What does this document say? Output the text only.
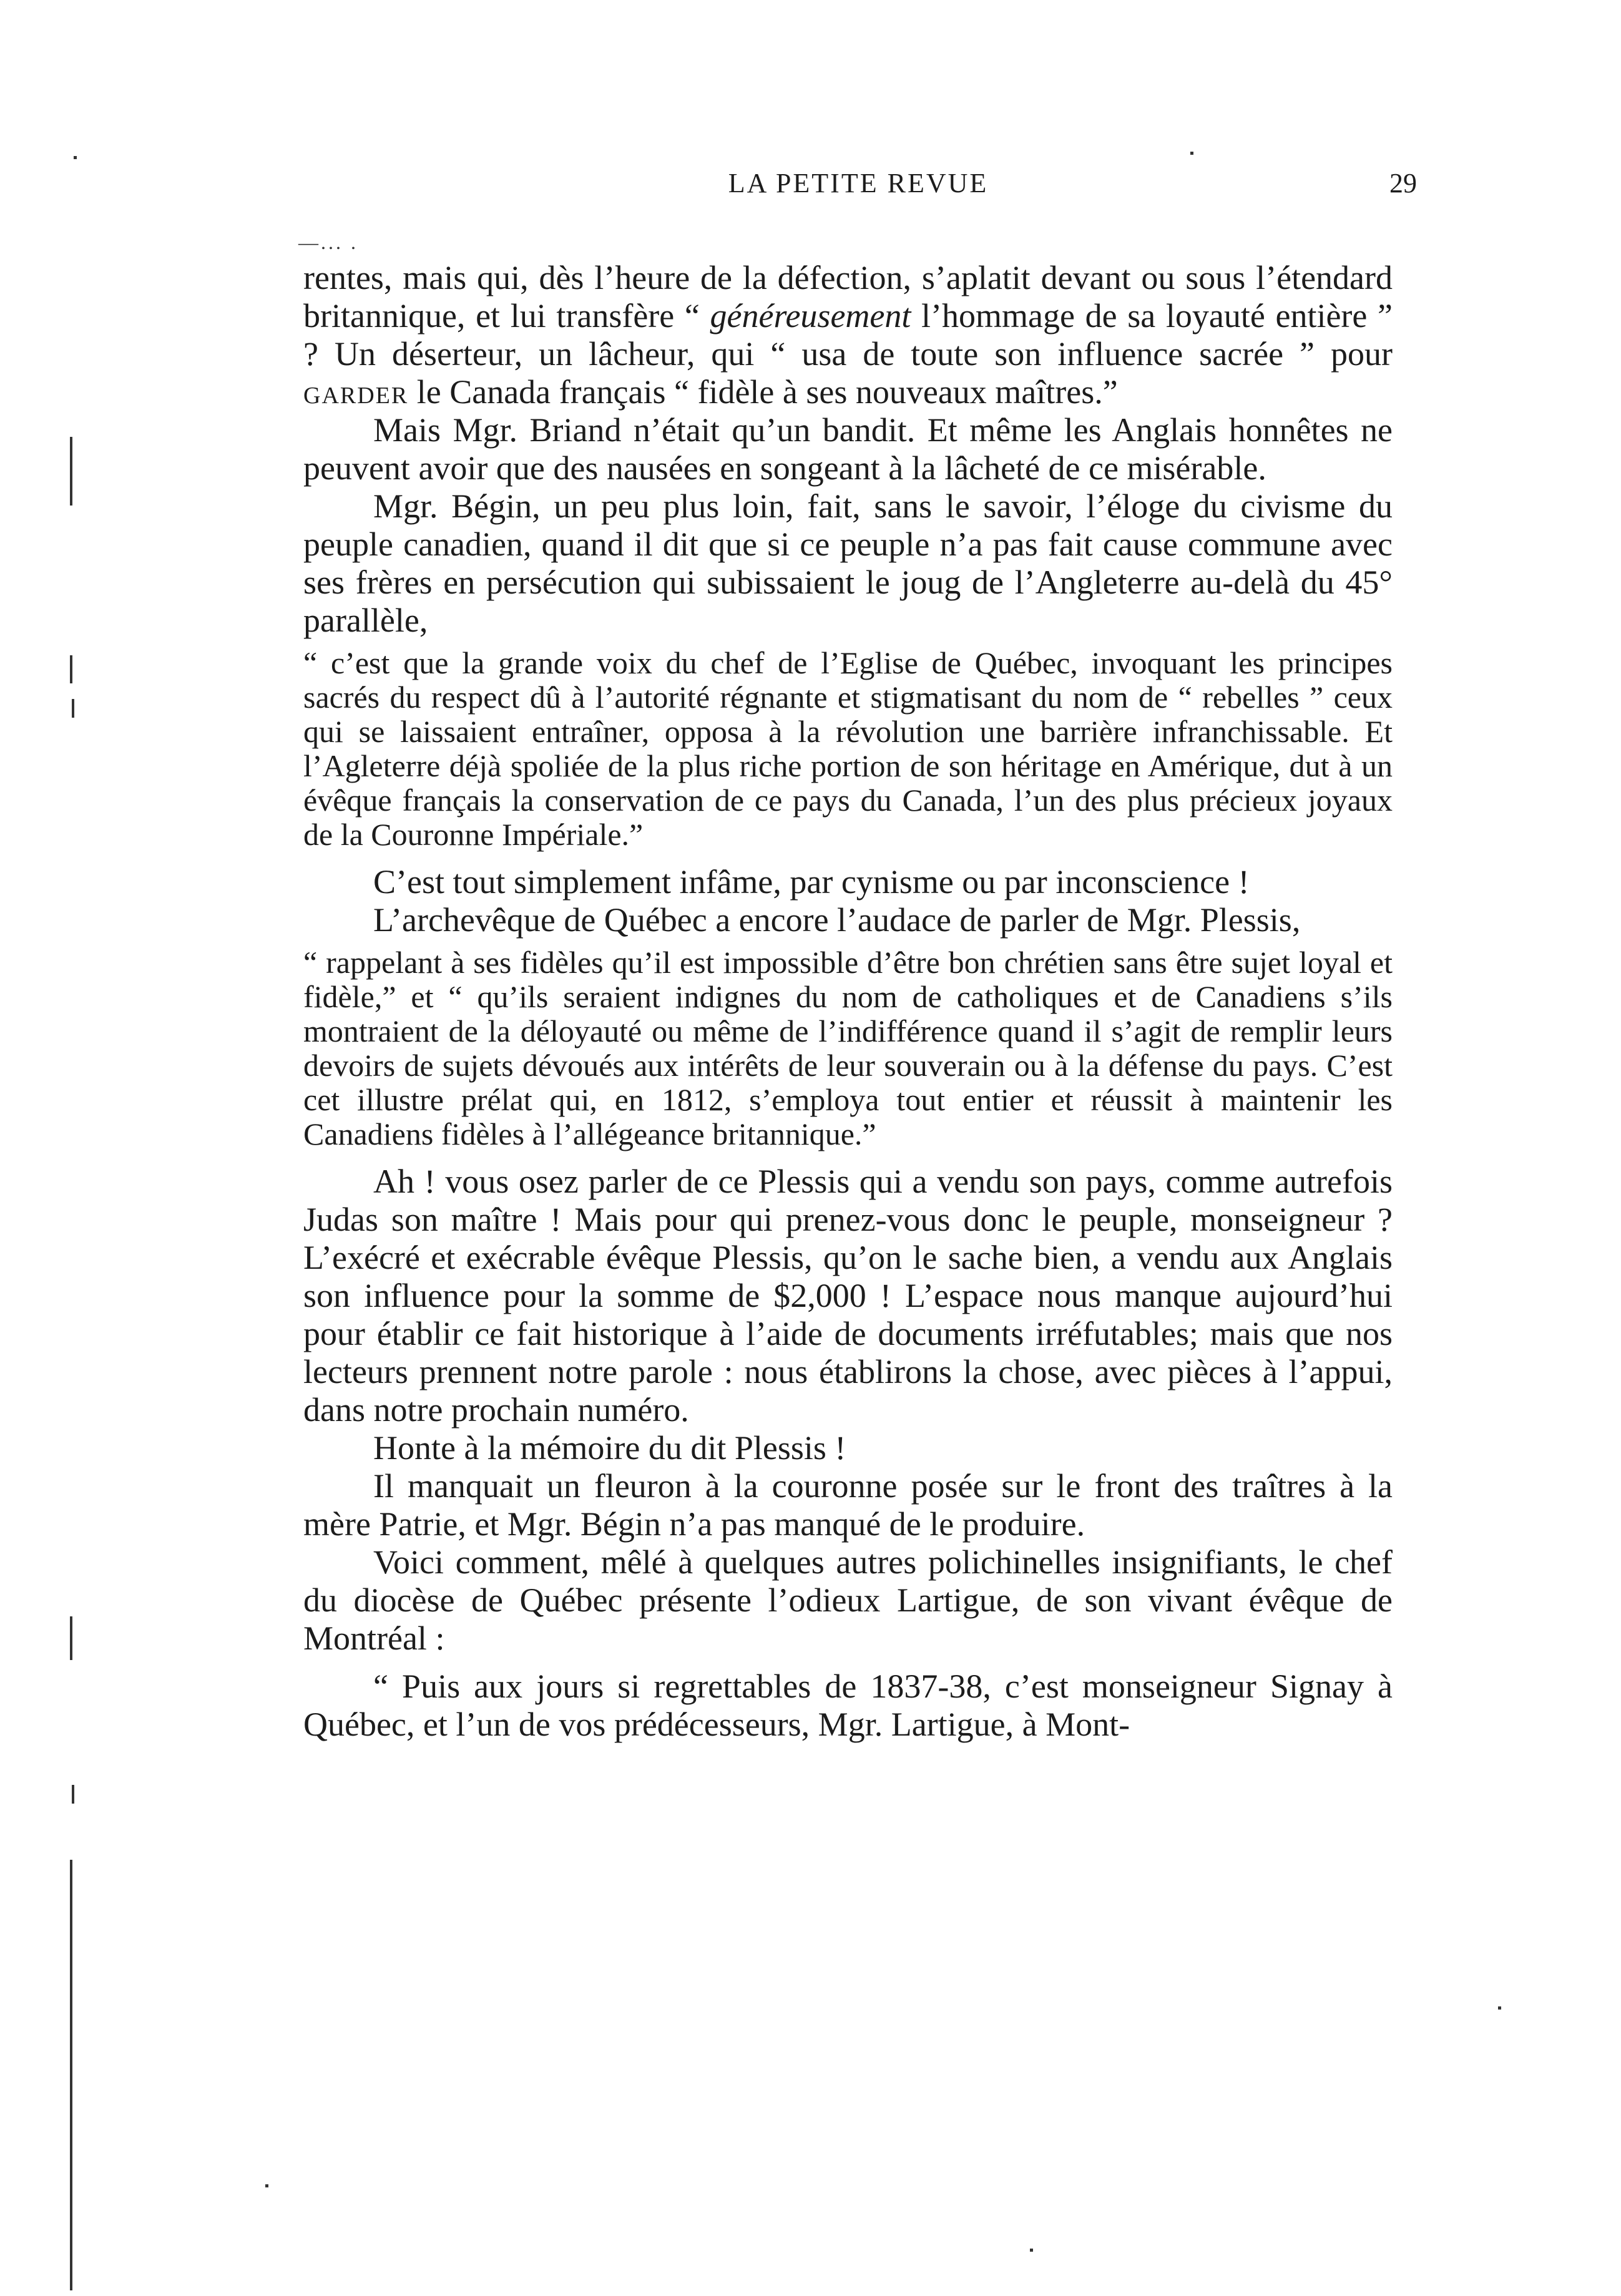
LA PETITE REVUE	29
—... .

rentes, mais qui, dès l’heure de la défection, s’aplatit devant ou sous l’étendard britannique, et lui transfère “ généreusement l’hommage de sa loyauté entière ” ? Un déserteur, un lâcheur, qui “ usa de toute son influence sacrée ” pour garder le Canada français “ fidèle à ses nouveaux maîtres.”

Mais Mgr. Briand n’était qu’un bandit. Et même les Anglais honnêtes ne peuvent avoir que des nausées en songeant à la lâcheté de ce misérable.

Mgr. Bégin, un peu plus loin, fait, sans le savoir, l’éloge du civisme du peuple canadien, quand il dit que si ce peuple n’a pas fait cause commune avec ses frères en persécution qui subissaient le joug de l’Angleterre au-delà du 45° parallèle,

“ c’est que la grande voix du chef de l’Eglise de Québec, invoquant les principes sacrés du respect dû à l’autorité régnante et stigmatisant du nom de “ rebelles ” ceux qui se laissaient entraîner, opposa à la révolution une barrière infranchissable. Et l’Agleterre déjà spoliée de la plus riche portion de son héritage en Amérique, dut à un évêque français la conservation de ce pays du Canada, l’un des plus précieux joyaux de la Couronne Impériale.”

C’est tout simplement infâme, par cynisme ou par inconscience !

L’archevêque de Québec a encore l’audace de parler de Mgr. Plessis,

“ rappelant à ses fidèles qu’il est impossible d’être bon chrétien sans être sujet loyal et fidèle,” et “ qu’ils seraient indignes du nom de catholiques et de Canadiens s’ils montraient de la déloyauté ou même de l’indifférence quand il s’agit de remplir leurs devoirs de sujets dévoués aux intérêts de leur souverain ou à la défense du pays. C’est cet illustre prélat qui, en 1812, s’employa tout entier et réussit à maintenir les Canadiens fidèles à l’allégeance britannique.”

Ah ! vous osez parler de ce Plessis qui a vendu son pays, comme autrefois Judas son maître ! Mais pour qui prenez-vous donc le peuple, monseigneur ? L’exécré et exécrable évêque Plessis, qu’on le sache bien, a vendu aux Anglais son influence pour la somme de $2,000 ! L’espace nous manque aujourd’hui pour établir ce fait historique à l’aide de documents irréfutables; mais que nos lecteurs prennent notre parole : nous établirons la chose, avec pièces à l’appui, dans notre prochain numéro.

Honte à la mémoire du dit Plessis !

Il manquait un fleuron à la couronne posée sur le front des traîtres à la mère Patrie, et Mgr. Bégin n’a pas manqué de le produire.

Voici comment, mêlé à quelques autres polichinelles insignifiants, le chef du diocèse de Québec présente l’odieux Lartigue, de son vivant évêque de Montréal :

“ Puis aux jours si regrettables de 1837-38, c’est monseigneur Signay à Québec, et l’un de vos prédécesseurs, Mgr. Lartigue, à Mont-
